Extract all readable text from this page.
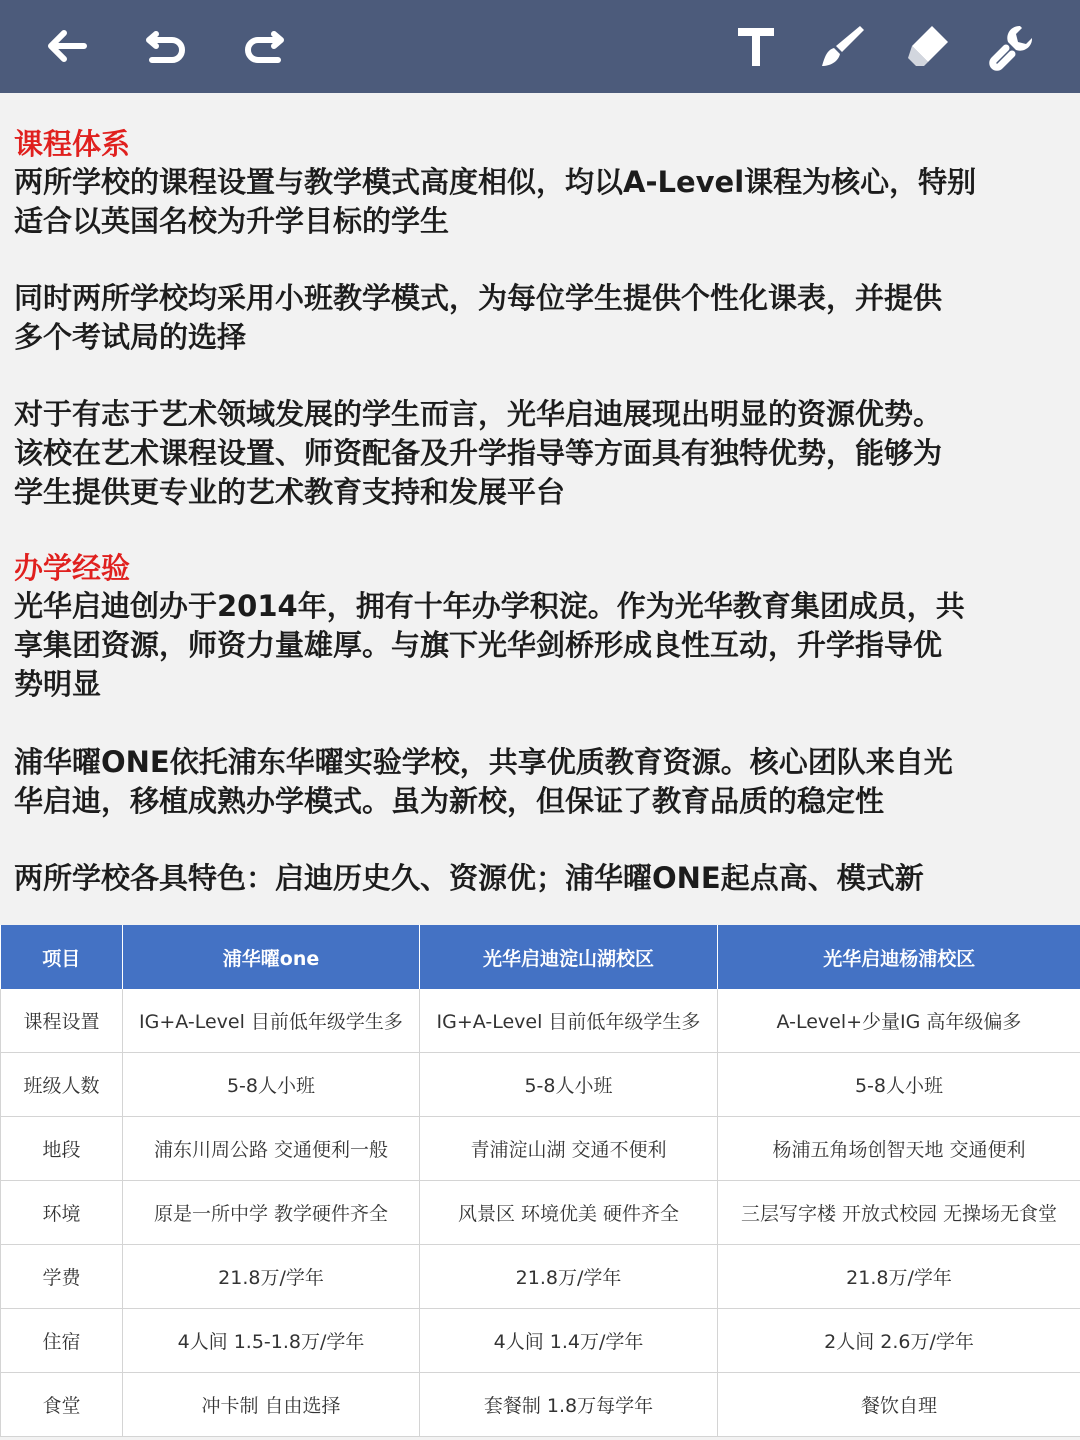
课程体系
两所学校的课程设置与教学模式高度相似，均以A-Level课程为核心，特别
适合以英国名校为升学目标的学生
同时两所学校均采用小班教学模式，为每位学生提供个性化课表，并提供
多个考试局的选择
对于有志于艺术领域发展的学生而言，光华启迪展现出明显的资源优势。
该校在艺术课程设置、师资配备及升学指导等方面具有独特优势，能够为
学生提供更专业的艺术教育支持和发展平台
办学经验
光华启迪创办于2014年，拥有十年办学积淀。作为光华教育集团成员，共
享集团资源，师资力量雄厚。与旗下光华剑桥形成良性互动，升学指导优
势明显
浦华曜ONE依托浦东华曜实验学校，共享优质教育资源。核心团队来自光
华启迪，移植成熟办学模式。虽为新校，但保证了教育品质的稳定性
两所学校各具特色：启迪历史久、资源优；浦华曜ONE起点高、模式新
项目	浦华曜one	光华启迪淀山湖校区	光华启迪杨浦校区
课程设置	IG+A-Level 目前低年级学生多	IG+A-Level 目前低年级学生多	A-Level+少量IG 高年级偏多
班级人数	5-8人小班	5-8人小班	5-8人小班
地段	浦东川周公路 交通便利一般	青浦淀山湖 交通不便利	杨浦五角场创智天地 交通便利
环境	原是一所中学 教学硬件齐全	风景区 环境优美 硬件齐全	三层写字楼 开放式校园 无操场无食堂
学费	21.8万/学年	21.8万/学年	21.8万/学年
住宿	4人间 1.5-1.8万/学年	4人间 1.4万/学年	2人间 2.6万/学年
食堂	冲卡制 自由选择	套餐制 1.8万每学年	餐饮自理
